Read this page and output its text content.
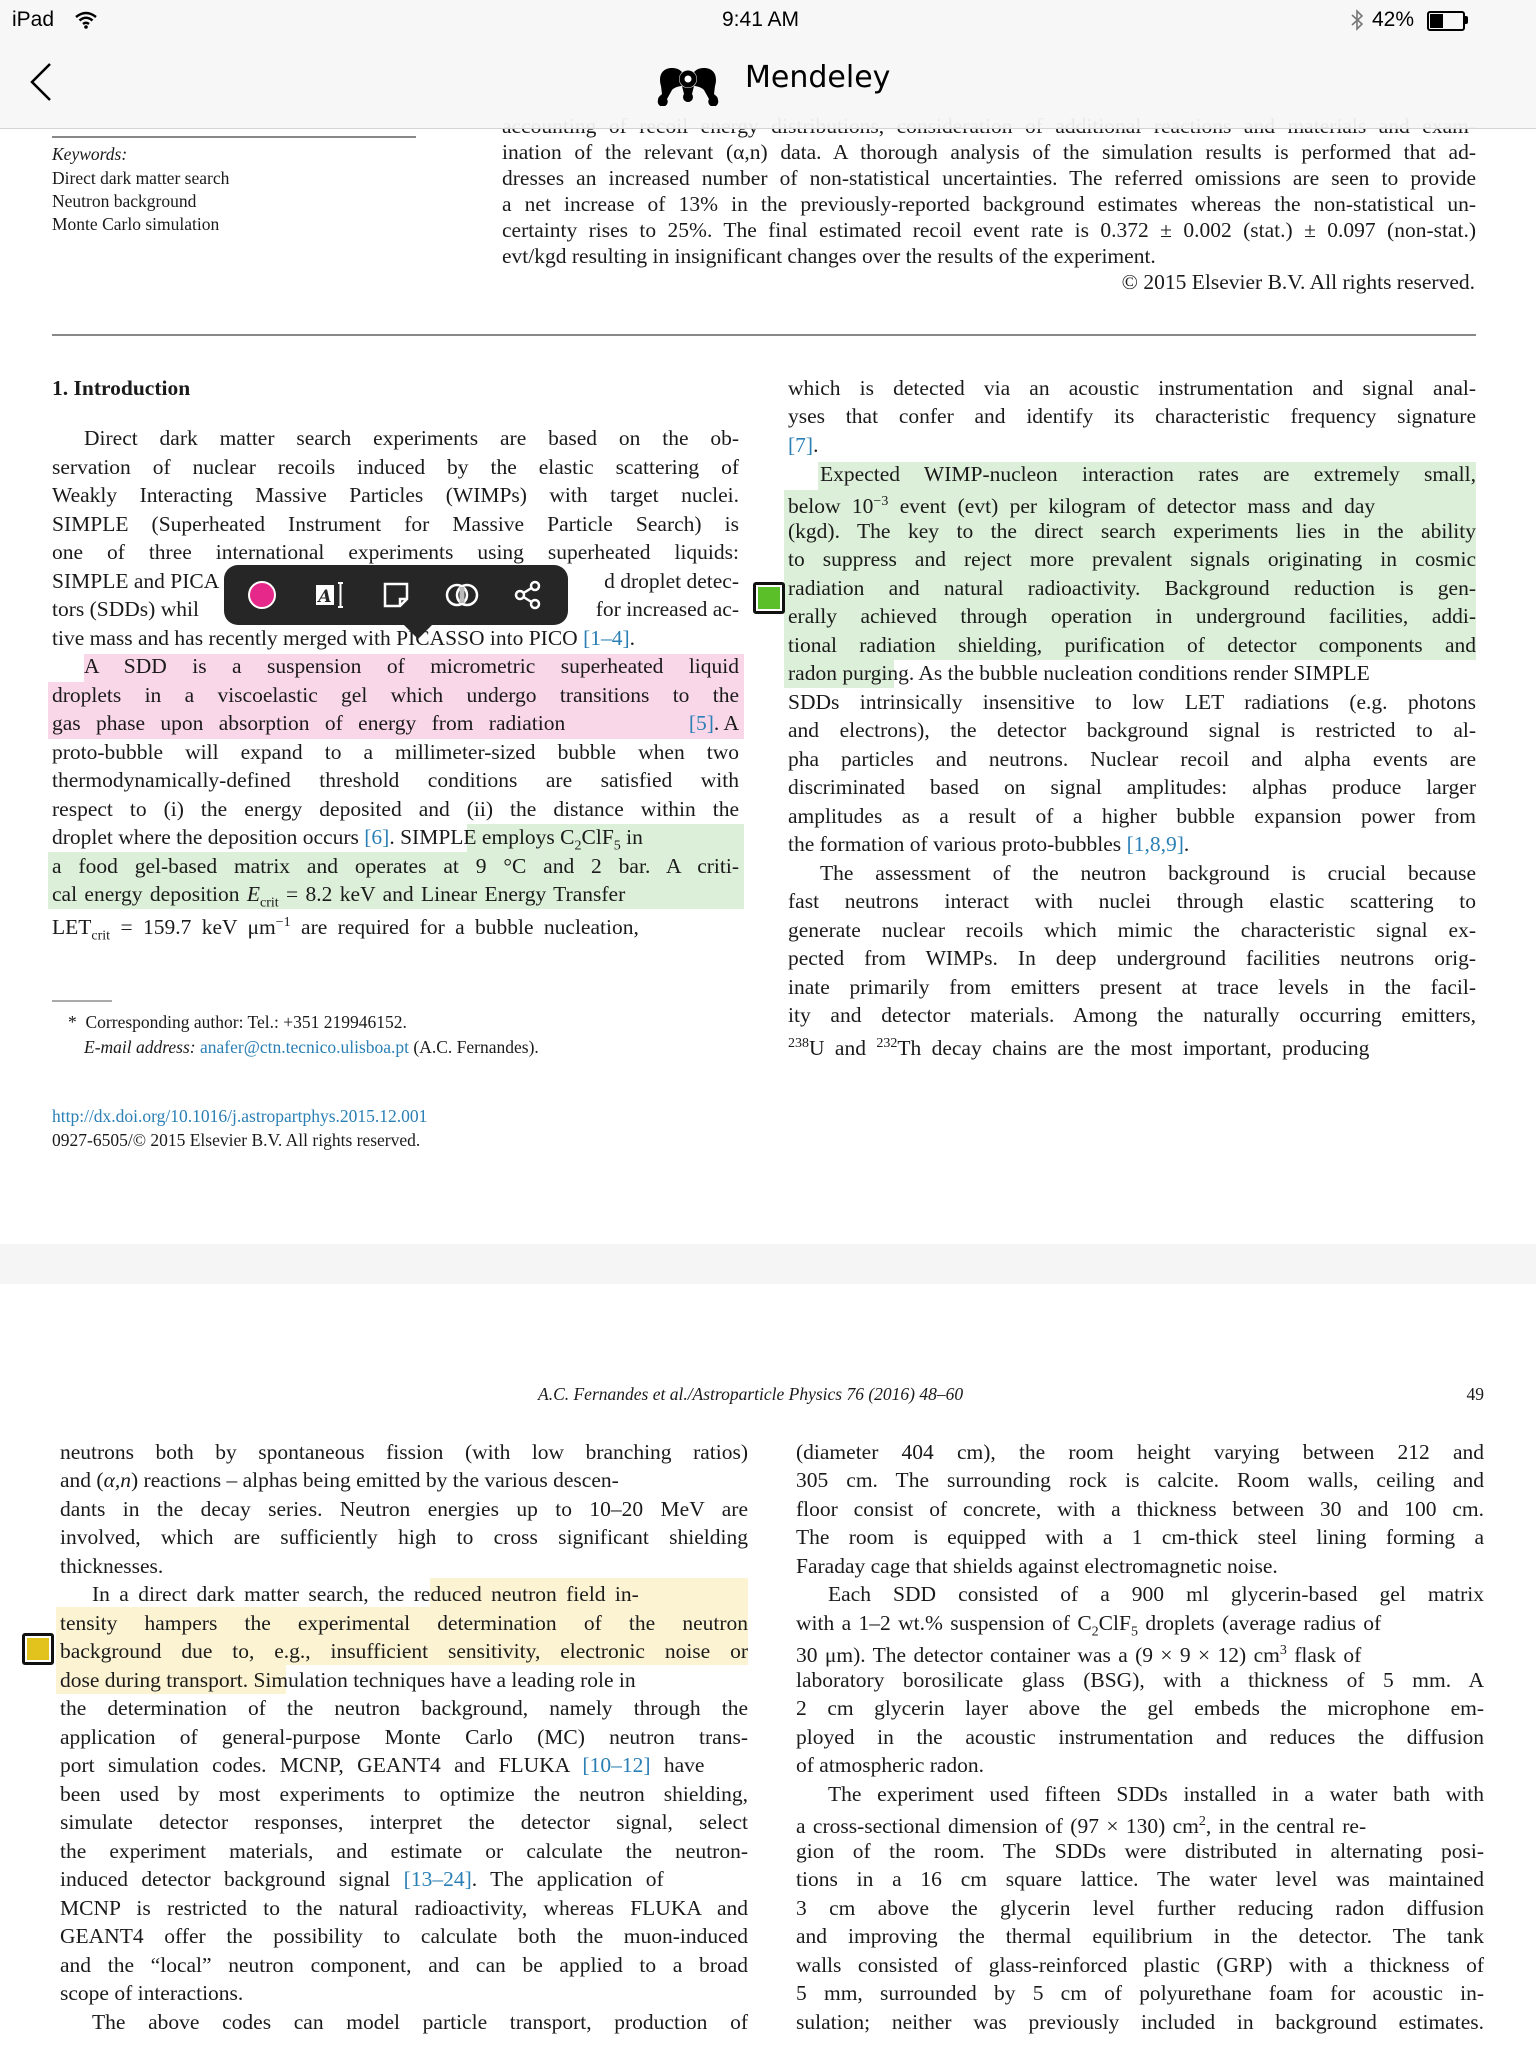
ination of the relevant (α,n) data. A thorough analysis of the simulation results is performed that ad-
dresses an increased number of non-statistical uncertainties. The referred omissions are seen to provide
a net increase of 13% in the previously-reported background estimates whereas the non-statistical un-
certainty rises to 25%. The final estimated recoil event rate is 0.372 ± 0.002 (stat.) ± 0.097 (non-stat.)
evt/kgd resulting in insignificant changes over the results of the experiment.
© 2015 Elsevier B.V. All rights reserved.
Keywords:
Direct dark matter search
Neutron background
Monte Carlo simulation
1. Introduction
Direct dark matter search experiments are based on the ob-
servation of nuclear recoils induced by the elastic scattering of
Weakly Interacting Massive Particles (WIMPs) with target nuclei.
SIMPLE (Superheated Instrument for Massive Particle Search) is
one of three international experiments using superheated liquids:
SIMPLE and PICA	d droplet detec-
tors (SDDs) whil	for increased ac-
tive mass and has recently merged with PICASSO into PICO [1–4].
A SDD is a suspension of micrometric superheated liquid
droplets in a viscoelastic gel which undergo transitions to the
gas phase upon absorption of energy from radiation	[5]. A
proto-bubble will expand to a millimeter-sized bubble when two
thermodynamically-defined threshold conditions are satisfied with
respect to (i) the energy deposited and (ii) the distance within the
droplet where the deposition occurs [6]. SIMPLE employs $C_2ClF_5$ in
a food gel-based matrix and operates at 9 °C and 2 bar. A criti-
cal energy deposition $E_{crit} = 8.2$ keV and Linear Energy Transfer
$LET_{crit} = 159.7$ keV $\mu m^{-1}$ are required for a bubble nucleation,
which is detected via an acoustic instrumentation and signal anal-
yses that confer and identify its characteristic frequency signature
[7].
Expected WIMP-nucleon interaction rates are extremely small,
below $10^{-3}$ event (evt) per kilogram of detector mass and day
(kgd). The key to the direct search experiments lies in the ability
to suppress and reject more prevalent signals originating in cosmic
radiation and natural radioactivity. Background reduction is gen-
erally achieved through operation in underground facilities, addi-
tional radiation shielding, purification of detector components and
radon purging. As the bubble nucleation conditions render SIMPLE
SDDs intrinsically insensitive to low LET radiations (e.g. photons
and electrons), the detector background signal is restricted to al-
pha particles and neutrons. Nuclear recoil and alpha events are
discriminated based on signal amplitudes: alphas produce larger
amplitudes as a result of a higher bubble expansion power from
the formation of various proto-bubbles [1,8,9].
The assessment of the neutron background is crucial because
fast neutrons interact with nuclei through elastic scattering to
generate nuclear recoils which mimic the characteristic signal ex-
pected from WIMPs. In deep underground facilities neutrons orig-
inate primarily from emitters present at trace levels in the facil-
ity and detector materials. Among the naturally occurring emitters,
$^{238}$U and $^{232}$Th decay chains are the most important, producing
* Corresponding author: Tel.: +351 219946152.
E-mail address: anafer@ctn.tecnico.ulisboa.pt (A.C. Fernandes).
http://dx.doi.org/10.1016/j.astropartphys.2015.12.001
0927-6505/© 2015 Elsevier B.V. All rights reserved.
A.C. Fernandes et al./Astroparticle Physics 76 (2016) 48–60	49
neutrons both by spontaneous fission (with low branching ratios)
and (α,n) reactions – alphas being emitted by the various descen-
dants in the decay series. Neutron energies up to 10–20 MeV are
involved, which are sufficiently high to cross significant shielding
thicknesses.
In a direct dark matter search, the reduced neutron field in-
tensity hampers the experimental determination of the neutron
background due to, e.g., insufficient sensitivity, electronic noise or
dose during transport. Simulation techniques have a leading role in
the determination of the neutron background, namely through the
application of general-purpose Monte Carlo (MC) neutron trans-
port simulation codes. MCNP, GEANT4 and FLUKA [10–12] have
been used by most experiments to optimize the neutron shielding,
simulate detector responses, interpret the detector signal, select
the experiment materials, and estimate or calculate the neutron-
induced detector background signal [13–24]. The application of
MCNP is restricted to the natural radioactivity, whereas FLUKA and
GEANT4 offer the possibility to calculate both the muon-induced
and the “local” neutron component, and can be applied to a broad
scope of interactions.
The above codes can model particle transport, production of
(diameter 404 cm), the room height varying between 212 and
305 cm. The surrounding rock is calcite. Room walls, ceiling and
floor consist of concrete, with a thickness between 30 and 100 cm.
The room is equipped with a 1 cm-thick steel lining forming a
Faraday cage that shields against electromagnetic noise.
Each SDD consisted of a 900 ml glycerin-based gel matrix
with a 1–2 wt.% suspension of $C_2ClF_5$ droplets (average radius of
30 μm). The detector container was a (9 × 9 × 12) $cm^3$ flask of
laboratory borosilicate glass (BSG), with a thickness of 5 mm. A
2 cm glycerin layer above the gel embeds the microphone em-
ployed in the acoustic instrumentation and reduces the diffusion
of atmospheric radon.
The experiment used fifteen SDDs installed in a water bath with
a cross-sectional dimension of (97 × 130) $cm^2$, in the central re-
gion of the room. The SDDs were distributed in alternating posi-
tions in a 16 cm square lattice. The water level was maintained
3 cm above the glycerin level further reducing radon diffusion
and improving the thermal equilibrium in the detector. The tank
walls consisted of glass-reinforced plastic (GRP) with a thickness of
5 mm, surrounded by 5 cm of polyurethane foam for acoustic in-
sulation; neither was previously included in background estimates.
A
iPad	9:41 AM	42%
Mendeley
